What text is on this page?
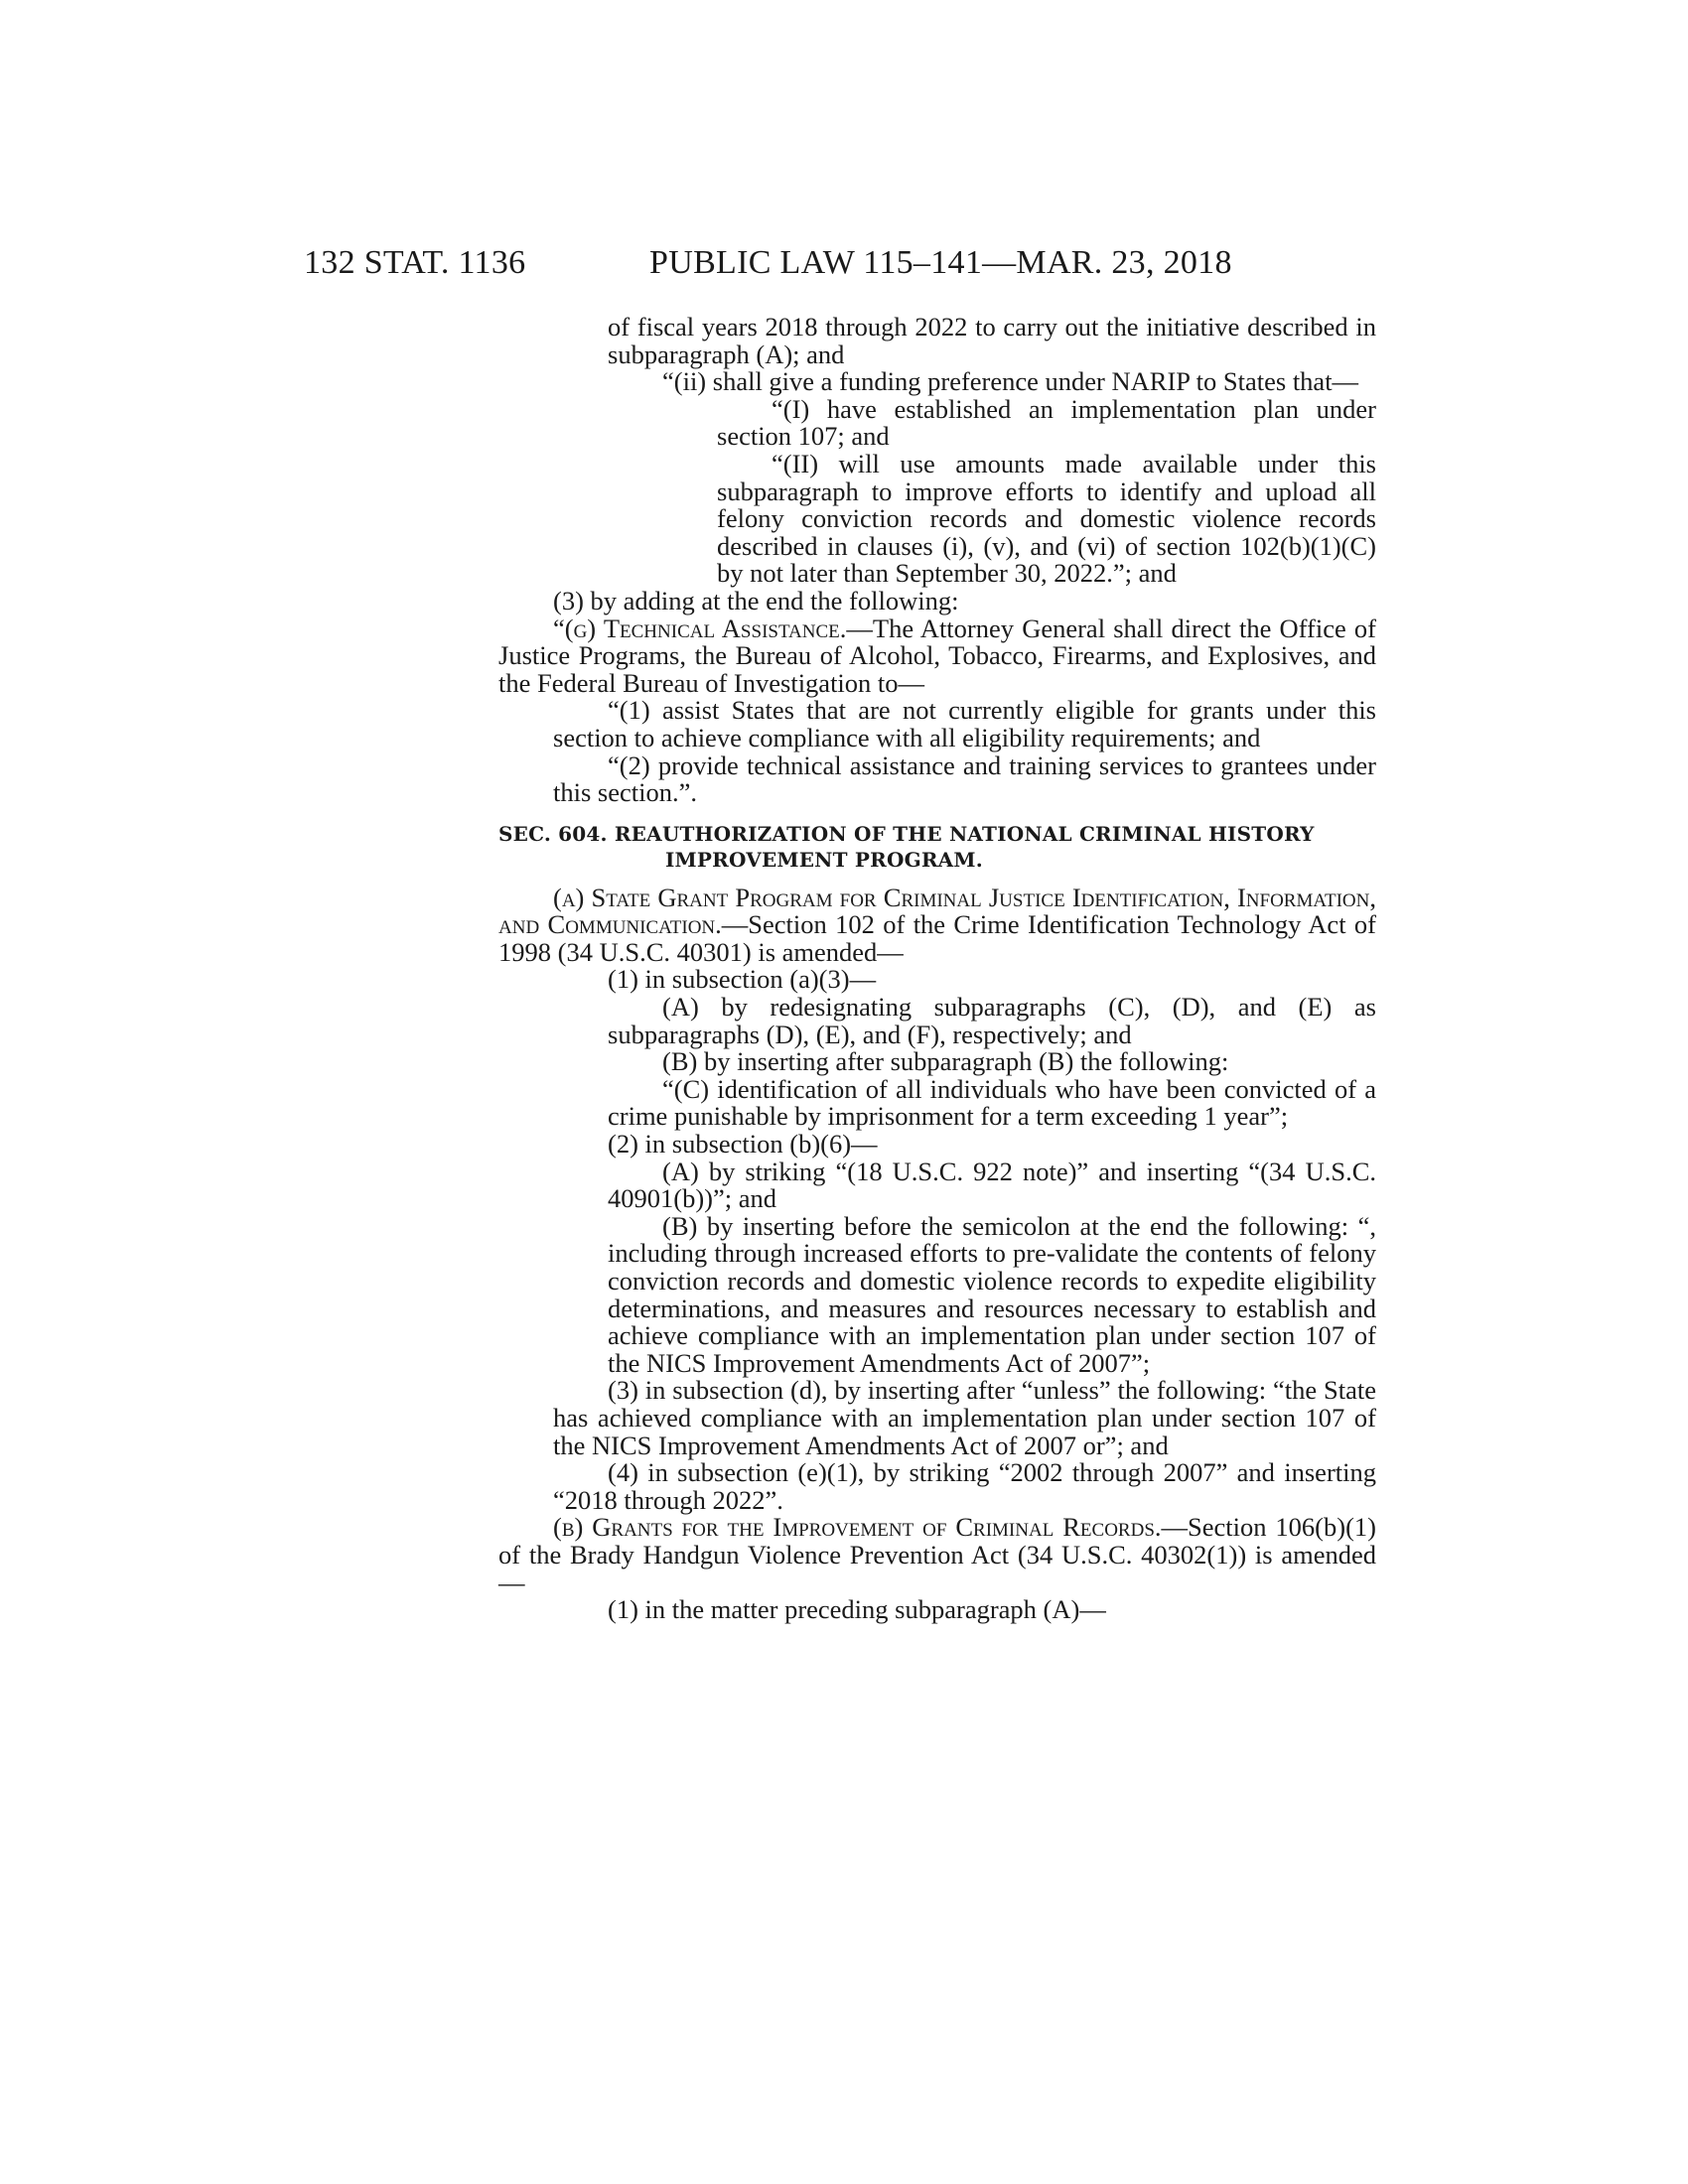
132 STAT. 1136	PUBLIC LAW 115–141—MAR. 23, 2018

of fiscal years 2018 through 2022 to carry out the initiative described in subparagraph (A); and

“(ii) shall give a funding preference under NARIP to States that—

“(I) have established an implementation plan under section 107; and

“(II) will use amounts made available under this subparagraph to improve efforts to identify and upload all felony conviction records and domestic violence records described in clauses (i), (v), and (vi) of section 102(b)(1)(C) by not later than September 30, 2022.”; and

(3) by adding at the end the following:

“(g) Technical Assistance.—The Attorney General shall direct the Office of Justice Programs, the Bureau of Alcohol, Tobacco, Firearms, and Explosives, and the Federal Bureau of Investigation to—

“(1) assist States that are not currently eligible for grants under this section to achieve compliance with all eligibility requirements; and

“(2) provide technical assistance and training services to grantees under this section.”.

SEC. 604. REAUTHORIZATION OF THE NATIONAL CRIMINAL HISTORY IMPROVEMENT PROGRAM.

(a) State Grant Program for Criminal Justice Identification, Information, and Communication.—Section 102 of the Crime Identification Technology Act of 1998 (34 U.S.C. 40301) is amended—

(1) in subsection (a)(3)—

(A) by redesignating subparagraphs (C), (D), and (E) as subparagraphs (D), (E), and (F), respectively; and

(B) by inserting after subparagraph (B) the following:

“(C) identification of all individuals who have been convicted of a crime punishable by imprisonment for a term exceeding 1 year”;

(2) in subsection (b)(6)—

(A) by striking “(18 U.S.C. 922 note)” and inserting “(34 U.S.C. 40901(b))”; and

(B) by inserting before the semicolon at the end the following: “, including through increased efforts to pre-validate the contents of felony conviction records and domestic violence records to expedite eligibility determinations, and measures and resources necessary to establish and achieve compliance with an implementation plan under section 107 of the NICS Improvement Amendments Act of 2007”;

(3) in subsection (d), by inserting after “unless” the following: “the State has achieved compliance with an implementation plan under section 107 of the NICS Improvement Amendments Act of 2007 or”; and

(4) in subsection (e)(1), by striking “2002 through 2007” and inserting “2018 through 2022”.

(b) Grants for the Improvement of Criminal Records.—Section 106(b)(1) of the Brady Handgun Violence Prevention Act (34 U.S.C. 40302(1)) is amended—

(1) in the matter preceding subparagraph (A)—
